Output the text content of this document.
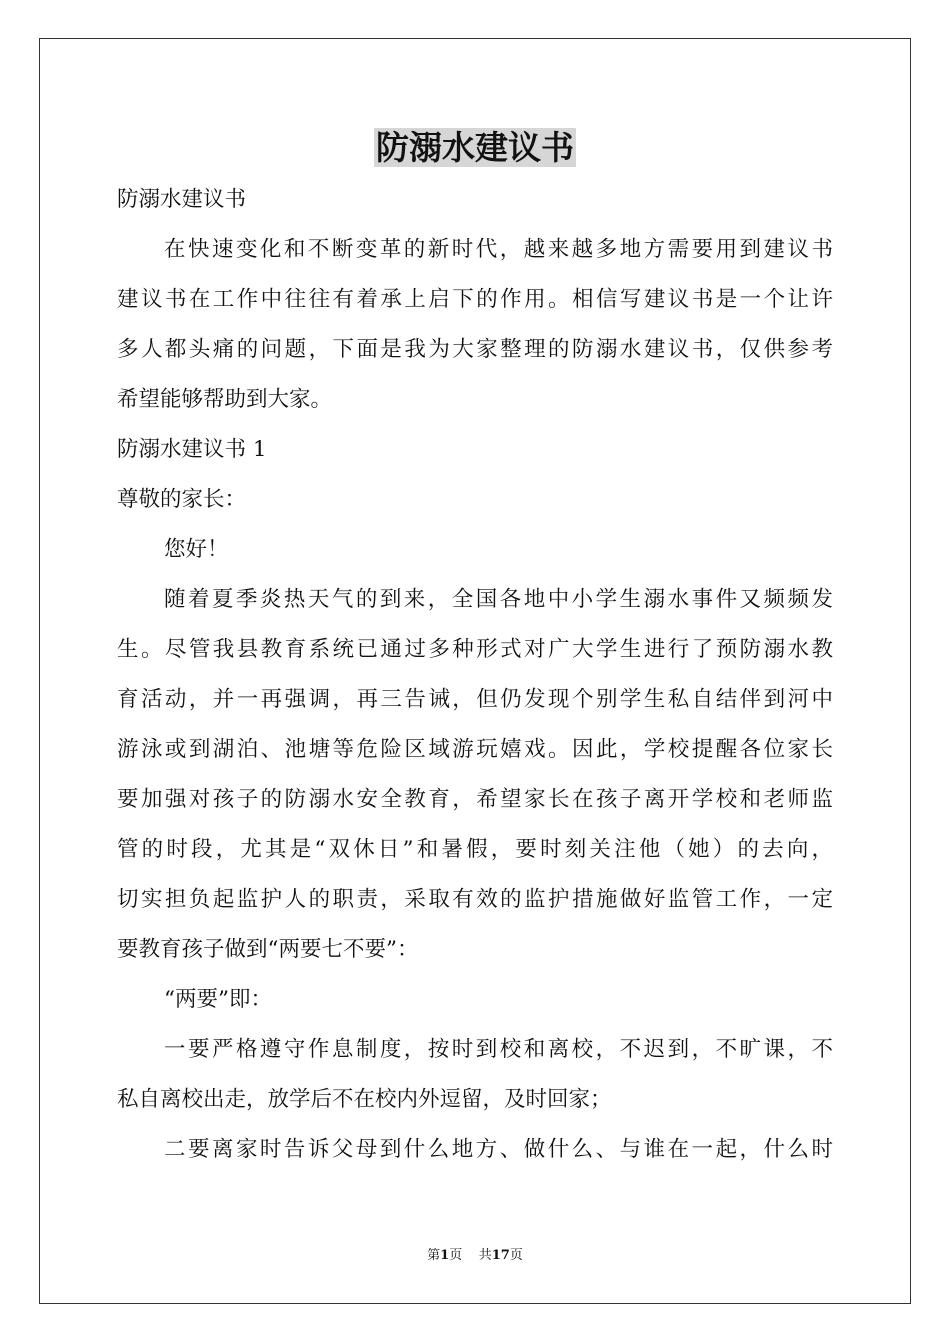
防溺水建议书
防溺水建议书
在快速变化和不断变革的新时代，越来越多地方需要用到建议书
建议书在工作中往往有着承上启下的作用。相信写建议书是一个让许
多人都头痛的问题，下面是我为大家整理的防溺水建议书，仅供参考
希望能够帮助到大家。
防溺水建议书 1
尊敬的家长：
您好！
随着夏季炎热天气的到来，全国各地中小学生溺水事件又频频发
生。尽管我县教育系统已通过多种形式对广大学生进行了预防溺水教
育活动，并一再强调，再三告诫，但仍发现个别学生私自结伴到河中
游泳或到湖泊、池塘等危险区域游玩嬉戏。因此，学校提醒各位家长
要加强对孩子的防溺水安全教育，希望家长在孩子离开学校和老师监
管的时段，尤其是“双休日”和暑假，要时刻关注他（她）的去向，
切实担负起监护人的职责，采取有效的监护措施做好监管工作，一定
要教育孩子做到“两要七不要”：
“两要”即：
一要严格遵守作息制度，按时到校和离校，不迟到，不旷课，不
私自离校出走，放学后不在校内外逗留，及时回家；
二要离家时告诉父母到什么地方、做什么、与谁在一起，什么时
第1页 共17页
